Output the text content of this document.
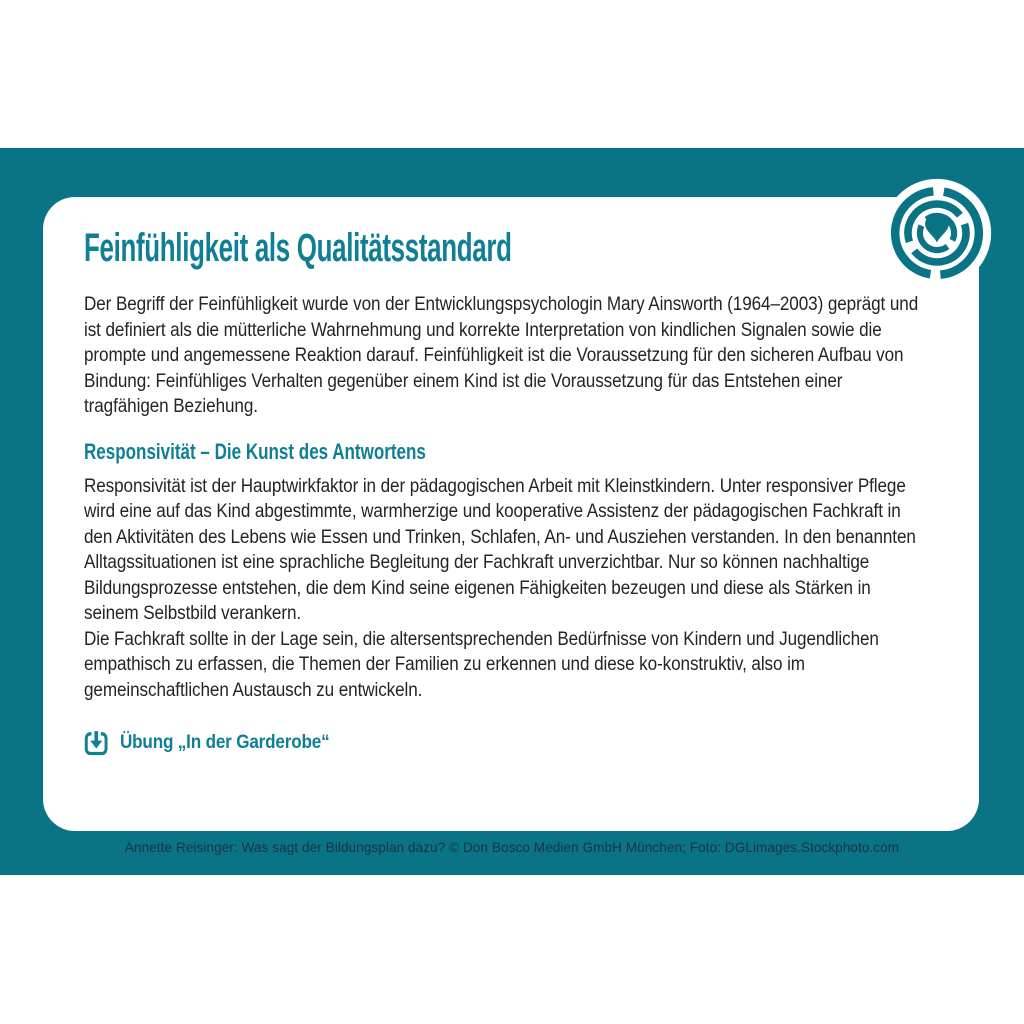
Feinfühligkeit als Qualitätsstandard

Der Begriff der Feinfühligkeit wurde von der Entwicklungspsychologin Mary Ainsworth (1964–2003) geprägt und ist definiert als die mütterliche Wahrnehmung und korrekte Interpretation von kindlichen Signalen sowie die prompte und angemessene Reaktion darauf. Feinfühligkeit ist die Voraussetzung für den sicheren Aufbau von Bindung: Feinfühliges Verhalten gegenüber einem Kind ist die Voraussetzung für das Entstehen einer tragfähigen Beziehung.

Responsivität – Die Kunst des Antwortens

Responsivität ist der Hauptwirkfaktor in der pädagogischen Arbeit mit Kleinstkindern. Unter responsiver Pflege wird eine auf das Kind abgestimmte, warmherzige und kooperative Assistenz der pädagogischen Fachkraft in den Aktivitäten des Lebens wie Essen und Trinken, Schlafen, An- und Ausziehen verstanden. In den benannten Alltagssituationen ist eine sprachliche Begleitung der Fachkraft unverzichtbar. Nur so können nachhaltige Bildungsprozesse entstehen, die dem Kind seine eigenen Fähigkeiten bezeugen und diese als Stärken in seinem Selbstbild verankern.

Die Fachkraft sollte in der Lage sein, die altersentsprechenden Bedürfnisse von Kindern und Jugendlichen empathisch zu erfassen, die Themen der Familien zu erkennen und diese ko-konstruktiv, also im gemeinschaftlichen Austausch zu entwickeln.

Übung „In der Garderobe“
Annette Reisinger: Was sagt der Bildungsplan dazu? © Don Bosco Medien GmbH München; Foto: DGLimages.Stockphoto.com
